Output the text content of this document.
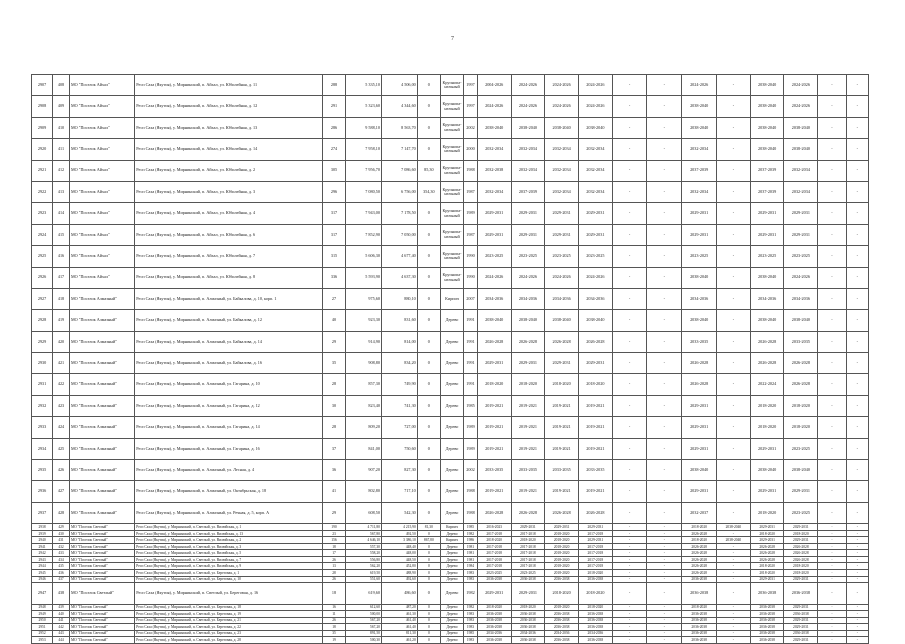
7
2907	408	МО "Поселок Айхал"	Респ Саха (Якутия), у. Мирнинский, п. Айхал, ул. Юбилейная, д. 11	288	5 335,10	4 506,00	0	Крупнопа-
нельный	1997	2004-2026	2024-2026	2024-2026	2024-2026	-	-	2024-2026	-	2038-2040	2024-2026	-	-
2908	409	МО "Поселок Айхал"	Респ Саха (Якутия), у. Мирнинский, п. Айхал, ул. Юбилейная, д. 12	291	5 323,60	4 344,60	0	Крупнопа-
нельный	1997	2024-2026	2024-2026	2024-2026	2024-2026	-	-	2038-2040	-	2038-2040	2024-2026	-	-
2909	410	МО "Поселок Айхал"	Респ Саха (Якутия), у. Мирнинский, п. Айхал, ул. Юбилейная, д. 13	286	9 588,10	8 563,70	0	Крупнопа-
нельный	2002	2038-2040	2038-2040	2038-2040	2038-2040	-	-	2038-2040	-	2038-2040	2038-2040	-	-
2920	411	МО "Поселок Айхал"	Респ Саха (Якутия), у. Мирнинский, п. Айхал, ул. Юбилейная, д. 14	274	7 958,10	7 147,70	0	Крупнопа-
нельный	2000	2032-2034	2032-2034	2032-2034	2032-2034	-	-	2032-2034	-	2038-2040	2038-2040	-	-
2921	412	МО "Поселок Айхал"	Респ Саха (Якутия), у. Мирнинский, п. Айхал, ул. Юбилейная, д. 2	305	7 956,70	7 086,60	85,30	Крупнопа-
нельный	1988	2032-2038	2032-2034	2032-2034	2032-2034	-	-	2037-2039	-	2037-2039	2032-2034	-	-
2922	413	МО "Поселок Айхал"	Респ Саха (Якутия), у. Мирнинский, п. Айхал, ул. Юбилейная, д. 3	296	7 080,50	6 756,00	354,30	Крупнопа-
нельный	1987	2032-2034	2037-2039	2032-2034	2032-2034	-	-	2032-2034	-	2037-2039	2032-2034	-	-
2923	414	МО "Поселок Айхал"	Респ Саха (Якутия), у. Мирнинский, п. Айхал, ул. Юбилейная, д. 4	317	7 943,00	7 178,50	0	Крупнопа-
нельный	1989	2029-2031	2029-2031	2029-2031	2029-2031	-	-	2029-2031	-	2029-2031	2029-2031	-	-
2924	415	МО "Поселок Айхал"	Респ Саха (Якутия), у. Мирнинский, п. Айхал, ул. Юбилейная, д. 6	317	7 852,90	7 050,00	0	Крупнопа-
нельный	1987	2029-2031	2029-2031	2029-2031	2029-2031	-	-	2029-2031	-	2029-2031	2029-2031	-	-
2925	416	МО "Поселок Айхал"	Респ Саха (Якутия), у. Мирнинский, п. Айхал, ул. Юбилейная, д. 7	315	5 606,30	4 677,40	0	Крупнопа-
нельный	1990	2023-2025	2023-2025	2023-2025	2023-2025	-	-	2023-2025	-	2023-2025	2023-2025	-	-
2926	417	МО "Поселок Айхал"	Респ Саха (Якутия), у. Мирнинский, п. Айхал, ул. Юбилейная, д. 8	336	5 593,90	4 637,30	0	Крупнопа-
нельный	1990	2024-2026	2024-2026	2024-2026	2024-2026	-	-	2038-2040	-	2038-2040	2024-2026	-	-
2927	418	МО "Поселок Алмазный"	Респ Саха (Якутия), у. Мирнинский, п. Алмазный, ул. Байкалова, д. 10, корп. 1	27	975,60	880,10	0	Кирпич	2007	2034-2036	2034-2036	2034-2036	2034-2036	-	-	2034-2036	-	2034-2036	2034-2036	-	-
2928	419	МО "Поселок Алмазный"	Респ Саха (Якутия), у. Мирнинский, п. Алмазный, ул. Байкалова, д. 12	40	923,30	831,60	0	Дерево	1991	2038-2040	2038-2040	2038-2040	2038-2040	-	-	2038-2040	-	2038-2040	2038-2040	-	-
2929	420	МО "Поселок Алмазный"	Респ Саха (Якутия), у. Мирнинский, п. Алмазный, ул. Байкалова, д. 14	29	914,90	814,00	0	Дерево	1991	2026-2028	2026-2028	2026-2028	2026-2028	-	-	2033-2035	-	2026-2028	2033-2035	-	-
2930	421	МО "Поселок Алмазный"	Респ Саха (Якутия), у. Мирнинский, п. Алмазный, ул. Байкалова, д. 16	35	908,80	834,20	0	Дерево	1991	2029-2031	2029-2031	2029-2031	2029-2031	-	-	2026-2028	-	2026-2028	2026-2028	-	-
2931	422	МО "Поселок Алмазный"	Респ Саха (Якутия), у. Мирнинский, п. Алмазный, ул. Гагарина, д. 10	28	857,30	749,90	0	Дерево	1991	2018-2020	2018-2020	2018-2020	2018-2020	-	-	2026-2028	-	2022-2024	2026-2028	-	-
2932	423	МО "Поселок Алмазный"	Респ Саха (Якутия), у. Мирнинский, п. Алмазный, ул. Гагарина, д. 12	30	823,40	741,30	0	Дерево	1985	2019-2021	2019-2021	2019-2021	2019-2021	-	-	2029-2031	-	2018-2020	2018-2020	-	-
2933	424	МО "Поселок Алмазный"	Респ Саха (Якутия), у. Мирнинский, п. Алмазный, ул. Гагарина, д. 14	28	809,20	727,00	0	Дерево	1989	2019-2021	2019-2021	2019-2021	2019-2021	-	-	2029-2031	-	2018-2020	2018-2020	-	-
2934	425	МО "Поселок Алмазный"	Респ Саха (Якутия), у. Мирнинский, п. Алмазный, ул. Гагарина, д. 16	37	841,00	750,60	0	Дерево	1989	2019-2021	2019-2021	2019-2021	2019-2021	-	-	2029-2031	-	2029-2031	2023-2025	-	-
2935	426	МО "Поселок Алмазный"	Респ Саха (Якутия), у. Мирнинский, п. Алмазный, ул. Лесная, д. 4	36	907,20	827,30	0	Дерево	2002	2033-2035	2033-2035	2033-2035	2033-2035	-	-	2038-2040	-	2038-2040	2038-2040	-	-
2936	427	МО "Поселок Алмазный"	Респ Саха (Якутия), у. Мирнинский, п. Алмазный, ул. Октябрьская, д. 18	41	802,80	717,10	0	Дерево	1988	2019-2021	2019-2021	2019-2021	2019-2021	-	-	2029-2031	-	2029-2031	2029-2031	-	-
2937	428	МО "Поселок Алмазный"	Респ Саха (Якутия), у. Мирнинский, п. Алмазный, ул. Речная, д. 5, корп. А	29	608,50	542,30	0	Дерево	1988	2026-2028	2026-2028	2026-2028	2026-2028	-	-	2032-2037	-	2018-2020	2023-2025	-	-
2938	429	МО "Поселок Светлый"	Респ Саха (Якутия), у. Мирнинский, п. Светлый, ул. Вилюйская, д. 1	190	4 711,80	4 215,90	81,30	Кирпич	1985	2016-2023	2029-2031	2029-2031	2029-2031	-	-	2018-2020	2038-2040	2029-2031	2029-2031	-	-
2939	430	МО "Поселок Светлый"	Респ Саха (Якутия), у. Мирнинский, п. Светлый, ул. Вилюйская, д. 13	23	567,80	492,50	0	Дерево	1982	2017-2018	2017-2018	2018-2020	2017-2018	-	-	2026-2028	-	2018-2020	2018-2020	-	-
2940	431	МО "Поселок Светлый"	Респ Саха (Якутия), у. Мирнинский, п. Светлый, ул. Вилюйская, д. 2	156	4 646,10	3 386,10	867,80	Кирпич	1986	2018-2020	2018-2020	2018-2020	2029-2031	-	-	2018-2020	2038-2040	2029-2031	2029-2031	-	-
2941	432	МО "Поселок Светлый"	Респ Саха (Якутия), у. Мирнинский, п. Светлый, ул. Вилюйская, д. 3	18	557,30	448,40	0	Дерево	1981	2017-2018	2017-2018	2018-2020	2017-2018	-	-	2026-2028	-	2026-2028	2026-2028	-	-
2942	433	МО "Поселок Светлый"	Респ Саха (Якутия), у. Мирнинский, п. Светлый, ул. Вилюйская, д. 5	17	558,20	448,00	0	Дерево	1981	2017-2018	2017-2018	2018-2020	2017-2018	-	-	2026-2028	-	2026-2028	2026-2028	-	-
2943	434	МО "Поселок Светлый"	Респ Саха (Якутия), у. Мирнинский, п. Светлый, ул. Вилюйская, д. 7	26	556,80	448,50	0	Дерево	1981	2017-2018	2017-2018	2018-2020	2017-2018	-	-	2026-2028	-	2026-2028	2026-2028	-	-
2944	435	МО "Поселок Светлый"	Респ Саха (Якутия), у. Мирнинский, п. Светлый, ул. Вилюйская, д. 9	13	562,20	452,80	0	Дерево	1984	2017-2018	2017-2018	2018-2020	2017-2018	-	-	2026-2028	-	2018-2020	2018-2020	-	-
2945	436	МО "Поселок Светлый"	Респ Саха (Якутия), у. Мирнинский, п. Светлый, ул. Береговая, д. 1	28	619,50	488,90	0	Дерево	1983	2023-2025	2023-2025	2018-2020	2018-2020	-	-	2026-2028	-	2018-2020	2018-2020	-	-
2946	437	МО "Поселок Светлый"	Респ Саха (Якутия), у. Мирнинский, п. Светлый, ул. Береговая, д. 10	26	551,60	492,60	0	Дерево	1983	2036-2038	2036-2038	2036-2038	2036-2038	-	-	2036-2038	-	2029-2031	2029-2031	-	-
2947	438	МО "Поселок Светлый"	Респ Саха (Якутия), у. Мирнинский, п. Светлый, ул. Береговая, д. 16	18	619,60	486,60	0	Дерево	1982	2029-2031	2029-2031	2018-2020	2018-2020	-	-	2036-2038	-	2036-2038	2036-2038	-	-
2948	439	МО "Поселок Светлый"	Респ Саха (Якутия), у. Мирнинский, п. Светлый, ул. Береговая, д. 18	16	612,60	487,20	0	Дерево	1982	2018-2020	2018-2020	2018-2020	2018-2020	-	-	2018-2020	-	2036-2038	2029-2031	-	-
2949	440	МО "Поселок Светлый"	Респ Саха (Якутия), у. Мирнинский, п. Светлый, ул. Береговая, д. 19	11	500,00	461,30	0	Дерево	1983	2036-2038	2036-2038	2036-2038	2036-2038	-	-	2036-2038	-	2036-2038	2036-2038	-	-
2950	441	МО "Поселок Светлый"	Респ Саха (Якутия), у. Мирнинский, п. Светлый, ул. Береговая, д. 21	26	567,20	461,40	0	Дерево	1983	2036-2038	2036-2038	2036-2038	2036-2038	-	-	2036-2038	-	2036-2038	2029-2031	-	-
2951	442	МО "Поселок Светлый"	Респ Саха (Якутия), у. Мирнинский, п. Светлый, ул. Береговая, д. 22	18	567,20	461,40	0	Дерево	1983	2036-2038	2036-2038	2036-2038	2036-2038	-	-	2036-2038	-	2036-2038	2029-2031	-	-
2952	443	МО "Поселок Светлый"	Респ Саха (Якутия), у. Мирнинский, п. Светлый, ул. Береговая, д. 23	35	891,50	811,30	0	Дерево	1985	2034-2036	2034-2036	2034-2036	2034-2036	-	-	2036-2038	-	2036-2038	2036-2038	-	-
2953	444	МО "Поселок Светлый"	Респ Саха (Якутия), у. Мирнинский, п. Светлый, ул. Береговая, д. 28	19	500,30	461,20	0	Дерево	1983	2036-2038	2036-2038	2036-2038	2036-2038	-	-	2036-2038	-	2036-2038	2029-2031	-	-
